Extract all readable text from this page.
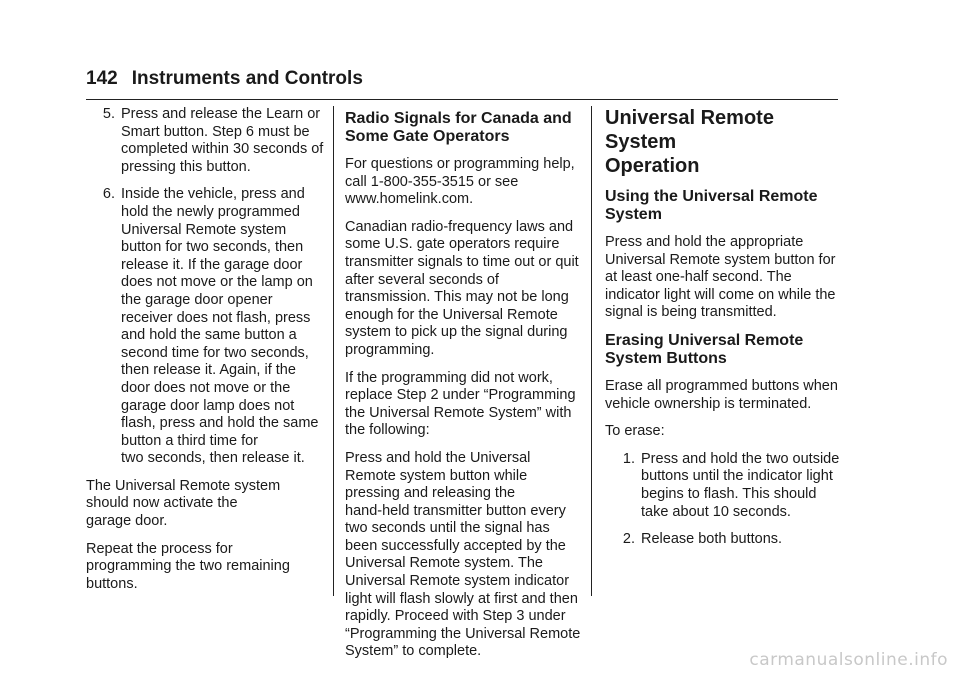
142 Instruments and Controls
5. Press and release the Learn or
Smart button. Step 6 must be
completed within 30 seconds of
pressing this button.
6. Inside the vehicle, press and
hold the newly programmed
Universal Remote system
button for two seconds, then
release it. If the garage door
does not move or the lamp on
the garage door opener
receiver does not flash, press
and hold the same button a
second time for two seconds,
then release it. Again, if the
door does not move or the
garage door lamp does not
flash, press and hold the same
button a third time for
two seconds, then release it.

The Universal Remote system
should now activate the
garage door.

Repeat the process for
programming the two remaining
buttons.

Radio Signals for Canada and
Some Gate Operators

For questions or programming help,
call 1-800-355-3515 or see
www.homelink.com.

Canadian radio-frequency laws and
some U.S. gate operators require
transmitter signals to time out or quit
after several seconds of
transmission. This may not be long
enough for the Universal Remote
system to pick up the signal during
programming.

If the programming did not work,
replace Step 2 under “Programming
the Universal Remote System” with
the following:

Press and hold the Universal
Remote system button while
pressing and releasing the
hand-held transmitter button every
two seconds until the signal has
been successfully accepted by the
Universal Remote system. The
Universal Remote system indicator
light will flash slowly at first and then
rapidly. Proceed with Step 3 under
“Programming the Universal Remote
System” to complete.

Universal Remote System
Operation
Using the Universal Remote
System

Press and hold the appropriate
Universal Remote system button for
at least one-half second. The
indicator light will come on while the
signal is being transmitted.

Erasing Universal Remote
System Buttons

Erase all programmed buttons when
vehicle ownership is terminated.

To erase:

1. Press and hold the two outside
buttons until the indicator light
begins to flash. This should
take about 10 seconds.
2. Release both buttons.
carmanualsonline.info
